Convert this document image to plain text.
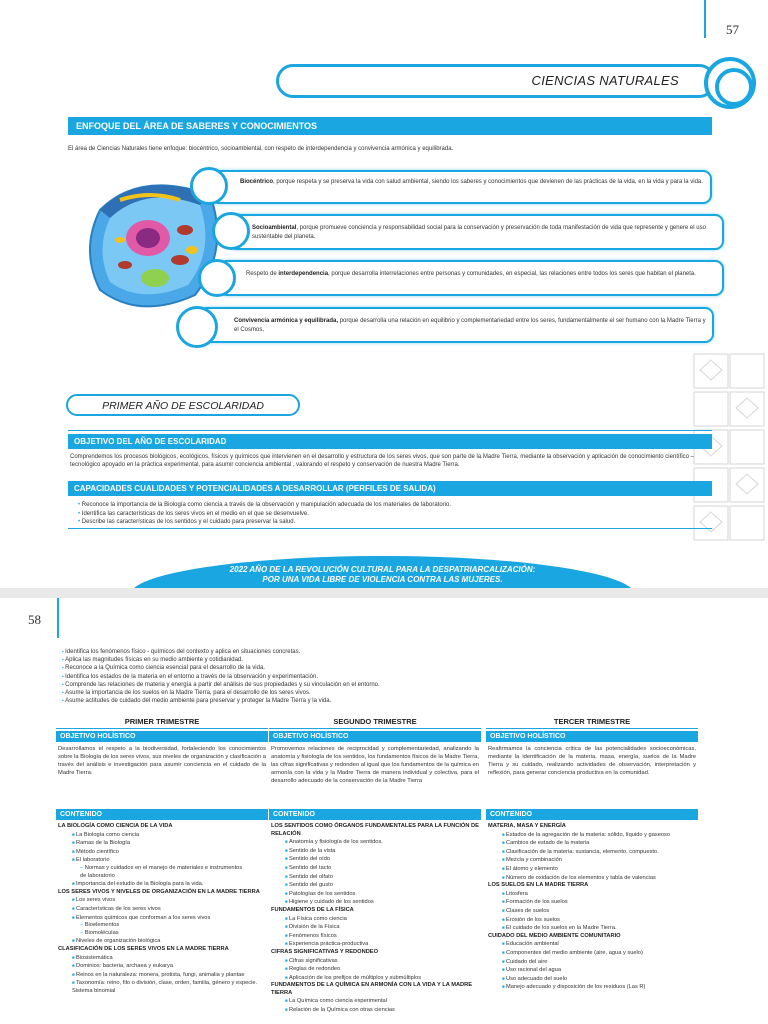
57
CIENCIAS NATURALES
ENFOQUE DEL ÁREA DE SABERES Y CONOCIMIENTOS

El área de Ciencias Naturales tiene enfoque: biocéntrico, socioambiental, con respeto de interdependencia y convivencia armónica y equilibrada.

Biocéntrico, porque respeta y se preserva la vida con salud ambiental, siendo los saberes y conocimientos que devienen de las prácticas de la vida, en la vida y para la vida.

Socioambiental, porque promueve conciencia y responsabilidad social para la conservación y preservación de toda manifestación de vida que represente y genere el uso sustentable del planeta.

Respeto de interdependencia, porque desarrolla interrelaciones entre personas y comunidades, en especial, las relaciones entre todos los seres que habitan el planeta.

Convivencia armónica y equilibrada, porque desarrolla una relación en equilibrio y complementariedad entre los seres, fundamentalmente el ser humano con la Madre Tierra y el Cosmos,

PRIMER AÑO DE ESCOLARIDAD
OBJETIVO DEL AÑO DE ESCOLARIDAD

Comprendemos los procesos biológicos, ecológicos, físicos y químicos que intervienen en el desarrollo y estructura de los seres vivos, que son parte de la Madre Tierra, mediante la observación y aplicación de conocimiento científico – tecnológico apoyado en la práctica experimental, para asumir conciencia ambiental , valorando el respeto y conservación de nuestra Madre Tierra.

CAPACIDADES CUALIDADES Y POTENCIALIDADES A DESARROLLAR (PERFILES DE SALIDA)
• Reconoce la importancia de la Biología como ciencia a través de la observación y manipulación adecuada de los materiales de laboratorio.
• Identifica las características de los seres vivos en el medio en el que se desenvuelve.
• Describe las características de los sentidos y el cuidado para preservar la salud.
2022 AÑO DE LA REVOLUCIÓN CULTURAL PARA LA DESPATRIARCALIZACIÓN:
POR UNA VIDA LIBRE DE VIOLENCIA CONTRA LAS MUJERES.
58
▪ Identifica los fenómenos físico - químicos del contexto y aplica en situaciones concretas.
▪ Aplica las magnitudes físicas en su medio ambiente y cotidianidad.
▪ Reconoce a la Química como ciencia esencial para el desarrollo de la vida.
▪ Identifica los estados de la materia en el entorno a través de la observación y experimentación.
▪ Comprende las relaciones de materia y energía a partir del análisis de sus propiedades y su vinculación en el entorno.
▪ Asume la importancia de los suelos en la Madre Tierra, para el desarrollo de los seres vivos.
▪ Asume actitudes de cuidado del medio ambiente para preservar y proteger la Madre Tierra y la vida.
PRIMER TRIMESTRE
OBJETIVO HOLÍSTICO

Desarrollamos el respeto a la biodiversidad, fortaleciendo los conocimientos sobre la Biología de los seres vivos, sus niveles de organización y clasificación a través del análisis e investigación para asumir conciencia en el cuidado de la Madre Tierra.

CONTENIDO
LA BIOLOGÍA COMO CIENCIA DE LA VIDA
■ La Biología como ciencia
■ Ramas de la Biología
■ Método científico
■ El laboratorio
– Normas y cuidados en el manejo de materiales e instrumentos
de laboratorio
■ Importancia del estudio de la Biología para la vida.
LOS SERES VIVOS Y NIVELES DE ORGANIZACIÓN EN LA MADRE TIERRA
■ Los seres vivos
■ Características de los seres vivos
■ Elementos químicos que conforman a los seres vivos
– Bioelementos
– Biomoléculas
■ Niveles de organización biológica
CLASIFICACIÓN DE LOS SERES VIVOS EN LA MADRE TIERRA
■ Biosistemática
■ Dominios: bacteria, archaea y eukarya
■ Reinos en la naturaleza: monera, protista, fungi, animalia y plantae
■ Taxonomía: reino, filo o división, clase, orden, familia, género y especie. Sistema binomial
SEGUNDO TRIMESTRE
OBJETIVO HOLÍSTICO

Promovemos relaciones de reciprocidad y complementariedad, analizando la anatomía y fisiología de los sentidos, los fundamentos físicos de la Madre Tierra, las cifras significativas y redondeo al igual que los fundamentos de la química en armonía con la vida y la Madre Tierra de manera individual y colectiva, para el desarrollo adecuado de la conservación de la Madre Tierra

CONTENIDO
LOS SENTIDOS COMO ÓRGANOS FUNDAMENTALES PARA LA FUNCIÓN DE RELACIÓN
■ Anatomía y fisiología de los sentidos.
■ Sentido de la vista
■ Sentido del oído
■ Sentido del tacto
■ Sentido del olfato
■ Sentido del gusto
■ Patologías de los sentidos
■ Higiene y cuidado de los sentidos
FUNDAMENTOS DE LA FÍSICA
■ La Física como ciencia
■ División de la Física
■ Fenómenos físicos
■ Experiencia práctica-productiva
CIFRAS SIGNIFICATIVAS Y REDONDEO
■ Cifras significativas
■ Reglas de redondeo
■ Aplicación de los prefijos de múltiplos y submúltiplos
FUNDAMENTOS DE LA QUÍMICA EN ARMONÍA CON LA VIDA Y LA MADRE TIERRA
■ La Química como ciencia experimental
■ Relación de la Química con otras ciencias
TERCER TRIMESTRE
OBJETIVO HOLÍSTICO

Reafirmamos la conciencia crítica de las potencialidades socioeconómicas, mediante la identificación de la materia, masa, energía, suelos de la Madre Tierra y su cuidado, realizando actividades de observación, interpretación y reflexión, para generar conciencia productiva en la comunidad.

CONTENIDO
MATERIA, MASA Y ENERGÍA
■ Estados de la agregación de la materia: sólido, líquido y gaseoso
■ Cambios de estado de la materia
■ Clasificación de la materia: sustancia, elemento, compuesto.
■ Mezcla y combinación
■ El átomo y elemento
■ Número de oxidación de los elementos y tabla de valencias
LOS SUELOS EN LA MADRE TIERRA
■ Litosfera
■ Formación de los suelos
■ Clases de suelos
■ Erosión de los suelos
■ El cuidado de los suelos en la Madre Tierra.
CUIDADO DEL MEDIO AMBIENTE COMUNITARIO
■ Educación ambiental
■ Componentes del medio ambiente (aire, agua y suelo)
■ Cuidado del aire
■ Uso racional del agua
■ Uso adecuado del suelo
■ Manejo adecuado y disposición de los residuos (Las R)
